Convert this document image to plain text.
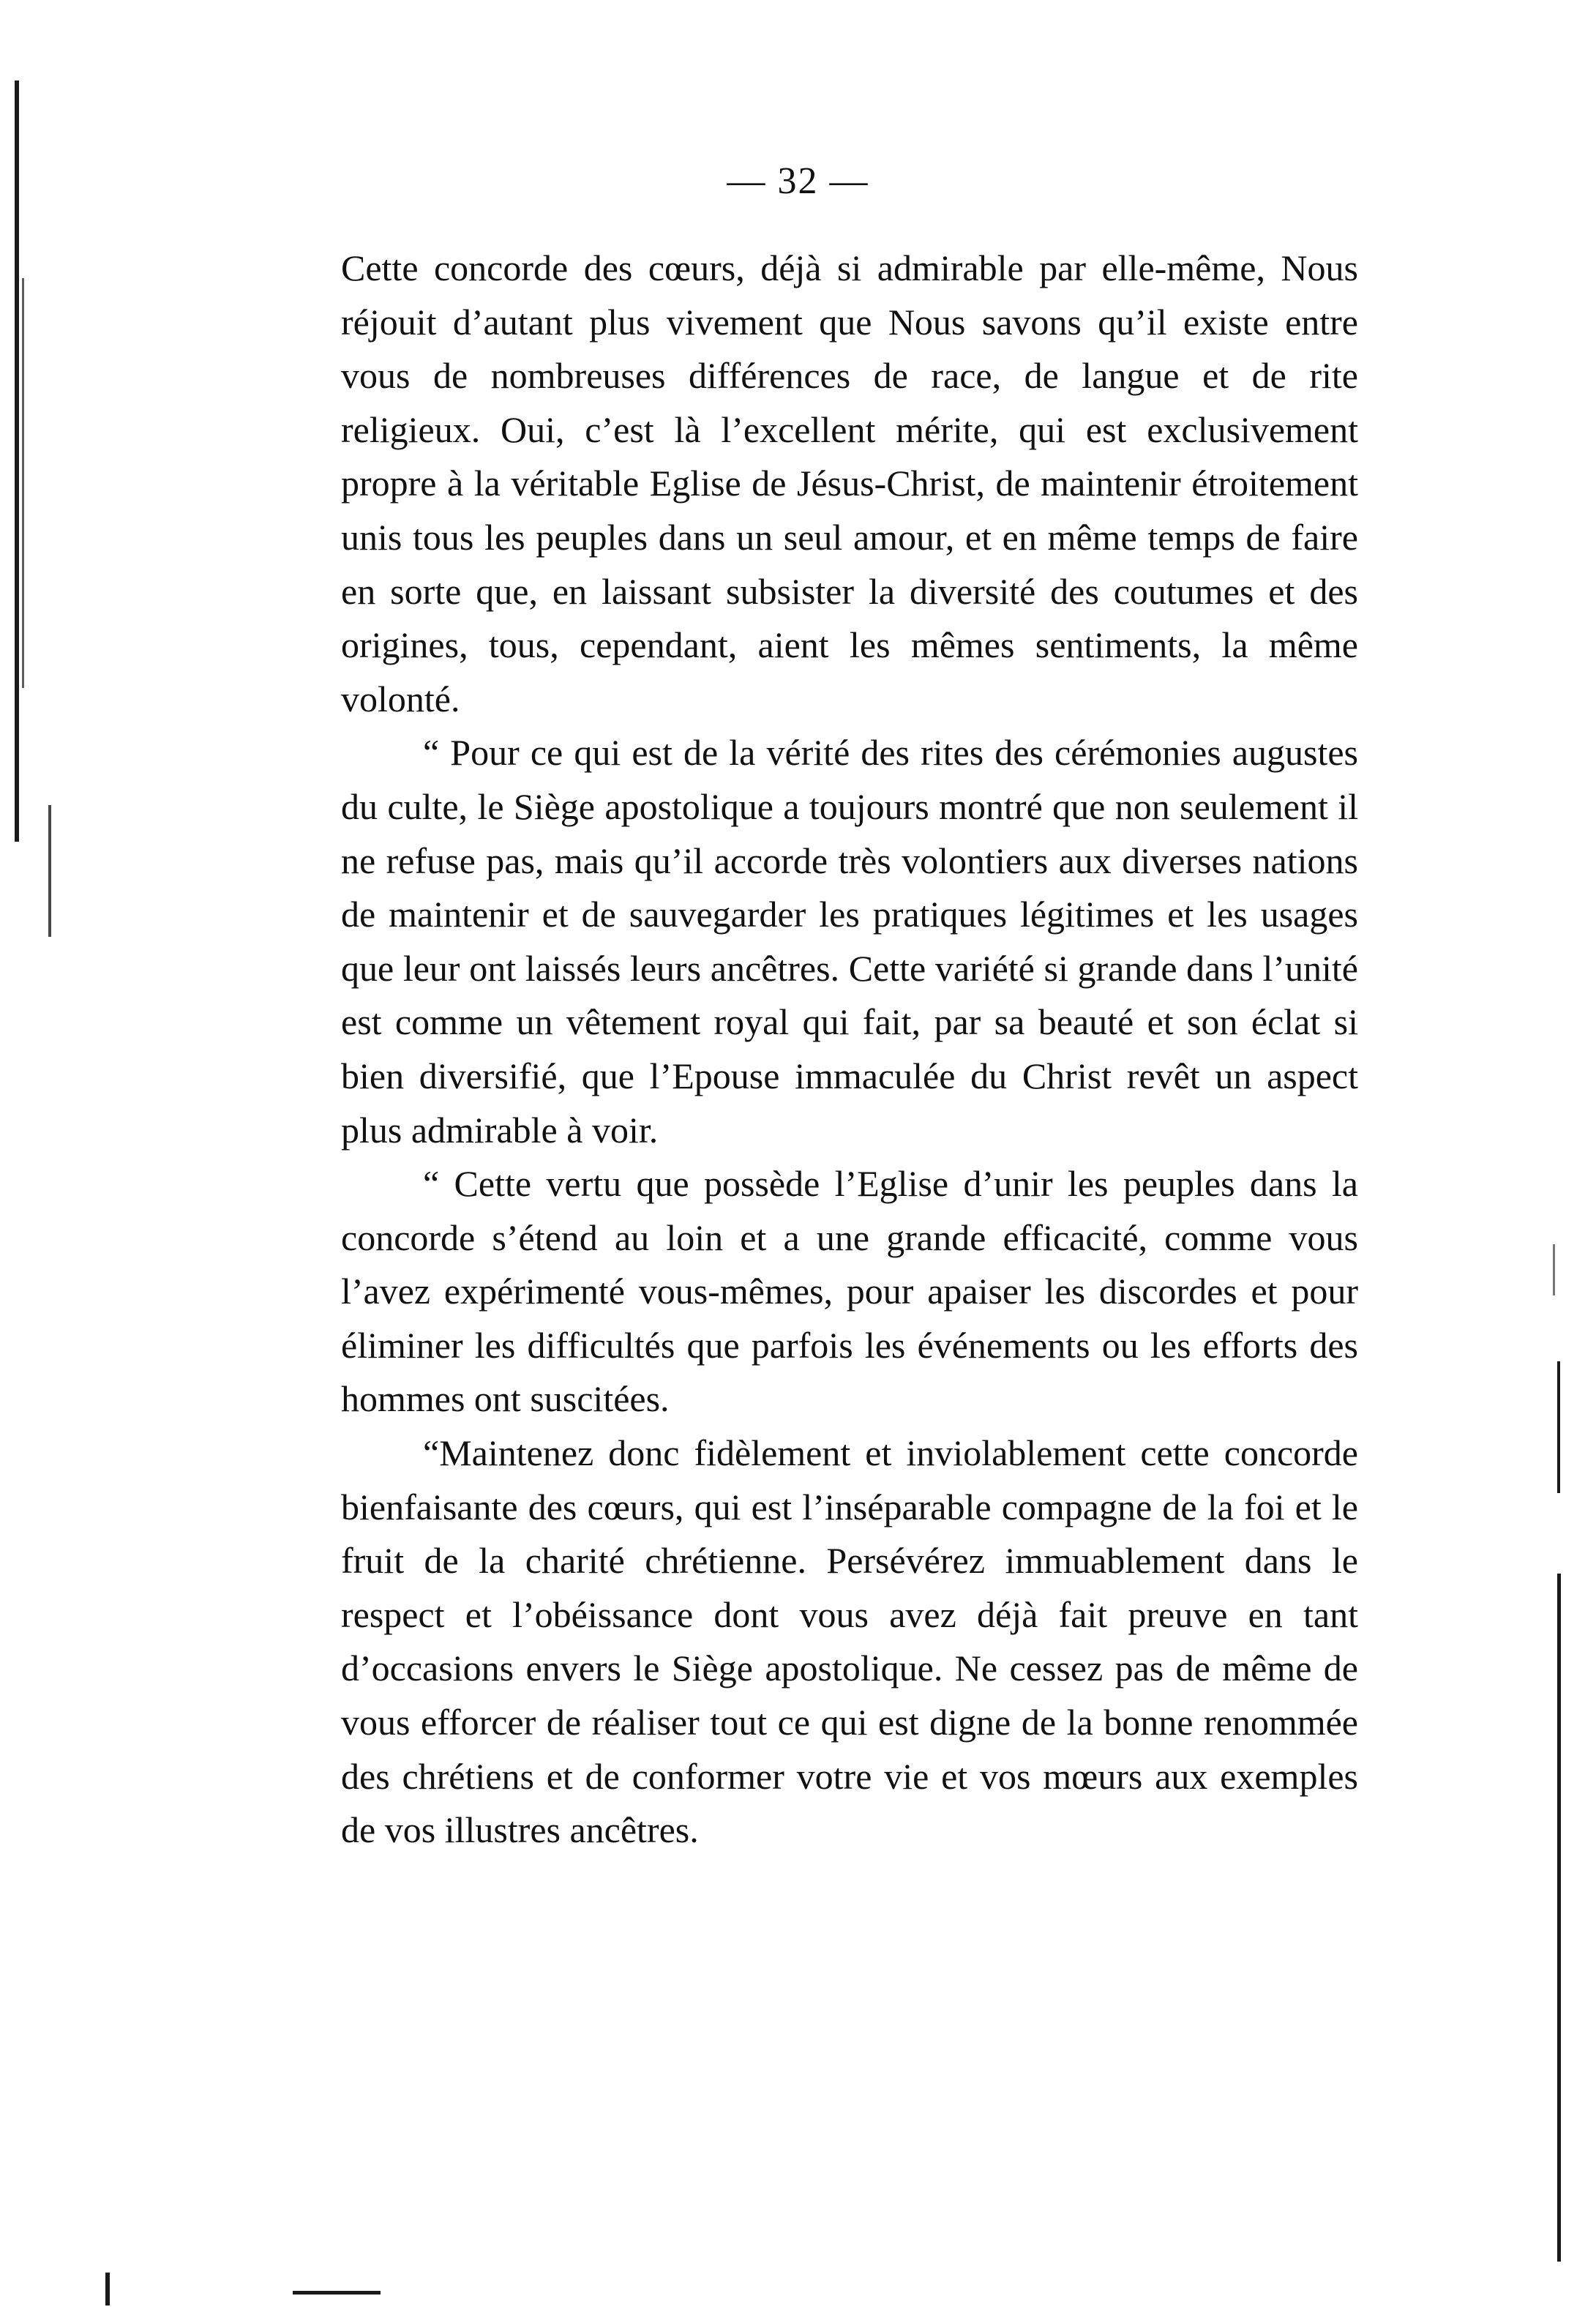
— 32 —

Cette concorde des cœurs, déjà si admirable par elle-même, Nous réjouit d’autant plus vivement que Nous savons qu’il existe entre vous de nombreuses différences de race, de langue et de rite religieux. Oui, c’est là l’excellent mérite, qui est exclusivement propre à la véritable Eglise de Jésus-Christ, de maintenir étroitement unis tous les peuples dans un seul amour, et en même temps de faire en sorte que, en laissant subsister la diversité des coutumes et des origines, tous, cependant, aient les mêmes sentiments, la même volonté.

“ Pour ce qui est de la vérité des rites des cérémonies augustes du culte, le Siège apostolique a toujours montré que non seulement il ne refuse pas, mais qu’il accorde très volontiers aux diverses nations de maintenir et de sauvegarder les pratiques légitimes et les usages que leur ont laissés leurs ancêtres. Cette variété si grande dans l’unité est comme un vêtement royal qui fait, par sa beauté et son éclat si bien diversifié, que l’Epouse immaculée du Christ revêt un aspect plus admirable à voir.

“ Cette vertu que possède l’Eglise d’unir les peuples dans la concorde s’étend au loin et a une grande efficacité, comme vous l’avez expérimenté vous-mêmes, pour apaiser les discordes et pour éliminer les difficultés que parfois les événements ou les efforts des hommes ont suscitées.

“Maintenez donc fidèlement et inviolablement cette concorde bienfaisante des cœurs, qui est l’inséparable compagne de la foi et le fruit de la charité chrétienne. Persévérez immuablement dans le respect et l’obéissance dont vous avez déjà fait preuve en tant d’occasions envers le Siège apostolique. Ne cessez pas de même de vous efforcer de réaliser tout ce qui est digne de la bonne renommée des chrétiens et de conformer votre vie et vos mœurs aux exemples de vos illustres ancêtres.
